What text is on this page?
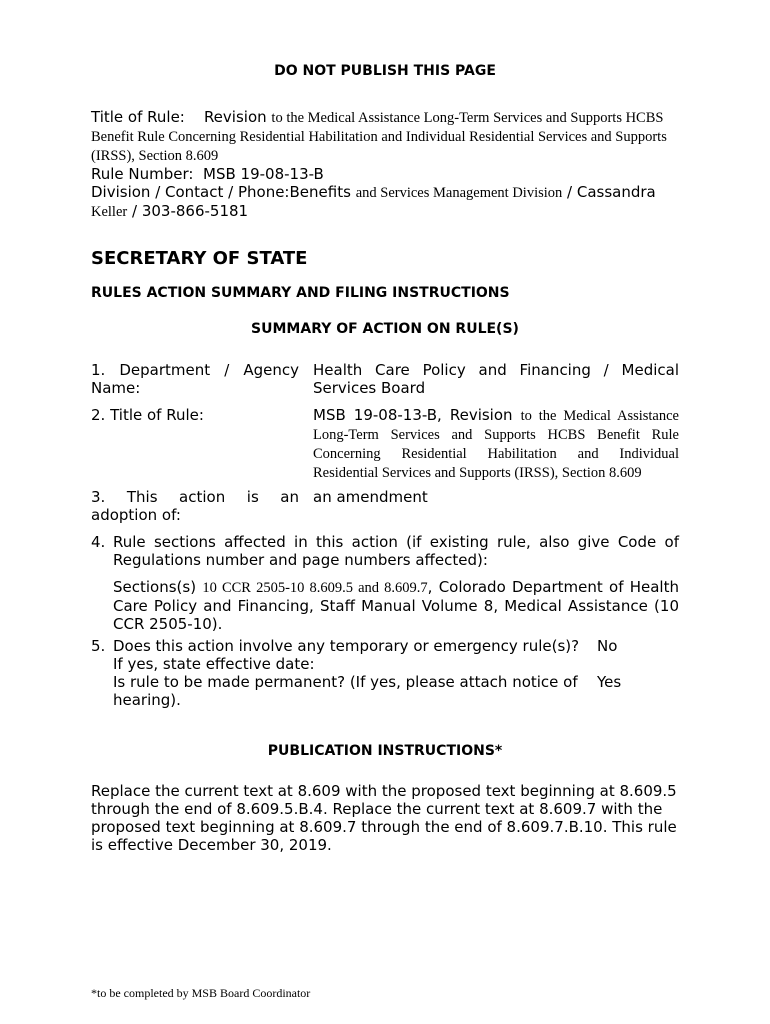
DO NOT PUBLISH THIS PAGE
Title of Rule: Revision to the Medical Assistance Long-Term Services and Supports HCBS Benefit Rule Concerning Residential Habilitation and Individual Residential Services and Supports (IRSS), Section 8.609
Rule Number: MSB 19-08-13-B
Division / Contact / Phone:Benefits and Services Management Division / Cassandra
Keller / 303-866-5181
SECRETARY OF STATE
RULES ACTION SUMMARY AND FILING INSTRUCTIONS
SUMMARY OF ACTION ON RULE(S)
1. Department / Agency Name:
Health Care Policy and Financing / Medical Services Board
2. Title of Rule:	MSB 19-08-13-B, Revision to the Medical Assistance Long-Term Services and Supports HCBS Benefit Rule Concerning Residential Habilitation and Individual Residential Services and Supports (IRSS), Section 8.609
3. This action is an adoption of:
an amendment
4. Rule sections affected in this action (if existing rule, also give Code of Regulations number and page numbers affected):
Sections(s) 10 CCR 2505-10 8.609.5 and 8.609.7, Colorado Department of Health Care Policy and Financing, Staff Manual Volume 8, Medical Assistance (10 CCR 2505-10).
5. Does this action involve any temporary or emergency rule(s)? No
If yes, state effective date:
Is rule to be made permanent? (If yes, please attach notice of hearing).
Yes
PUBLICATION INSTRUCTIONS*
Replace the current text at 8.609 with the proposed text beginning at 8.609.5 through the end of 8.609.5.B.4. Replace the current text at 8.609.7 with the proposed text beginning at 8.609.7 through the end of 8.609.7.B.10. This rule is effective December 30, 2019.
*to be completed by MSB Board Coordinator
